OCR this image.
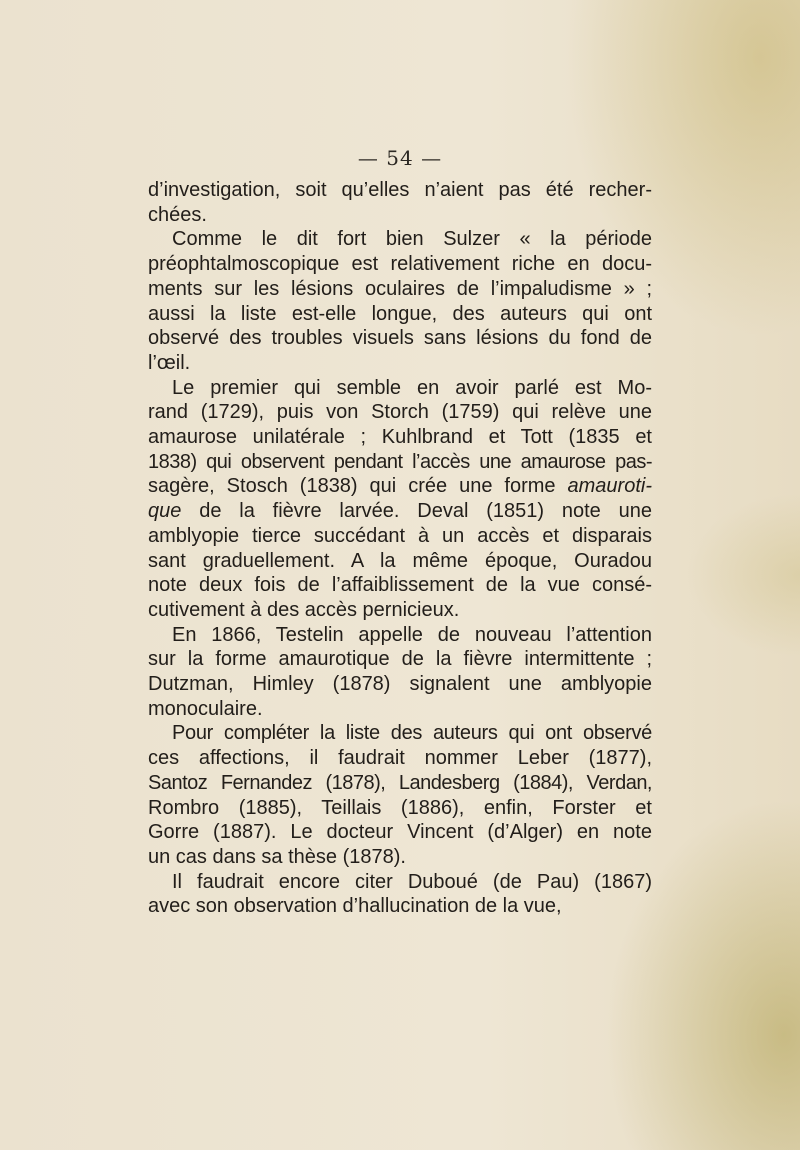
— 54 —

d’investigation, soit qu’elles n’aient pas été recher-
chées.

Comme le dit fort bien Sulzer « la période
préophtalmoscopique est relativement riche en docu-
ments sur les lésions oculaires de l’impaludisme » ;
aussi la liste est-elle longue, des auteurs qui ont
observé des troubles visuels sans lésions du fond de
l’œil.

Le premier qui semble en avoir parlé est Mo-
rand (1729), puis von Storch (1759) qui relève une
amaurose unilatérale ; Kuhlbrand et Tott (1835 et
1838) qui observent pendant l’accès une amaurose pas-
sagère, Stosch (1838) qui crée une forme amauroti-
que de la fièvre larvée. Deval (1851) note une
amblyopie tierce succédant à un accès et disparais
sant graduellement. A la même époque, Ouradou
note deux fois de l’affaiblissement de la vue consé-
cutivement à des accès pernicieux.

En 1866, Testelin appelle de nouveau l’attention
sur la forme amaurotique de la fièvre intermittente ;
Dutzman, Himley (1878) signalent une amblyopie
monoculaire.

Pour compléter la liste des auteurs qui ont observé
ces affections, il faudrait nommer Leber (1877),
Santoz Fernandez (1878), Landesberg (1884), Verdan,
Rombro (1885), Teillais (1886), enfin, Forster et
Gorre (1887). Le docteur Vincent (d’Alger) en note
un cas dans sa thèse (1878).

Il faudrait encore citer Duboué (de Pau) (1867)
avec son observation d’hallucination de la vue,
